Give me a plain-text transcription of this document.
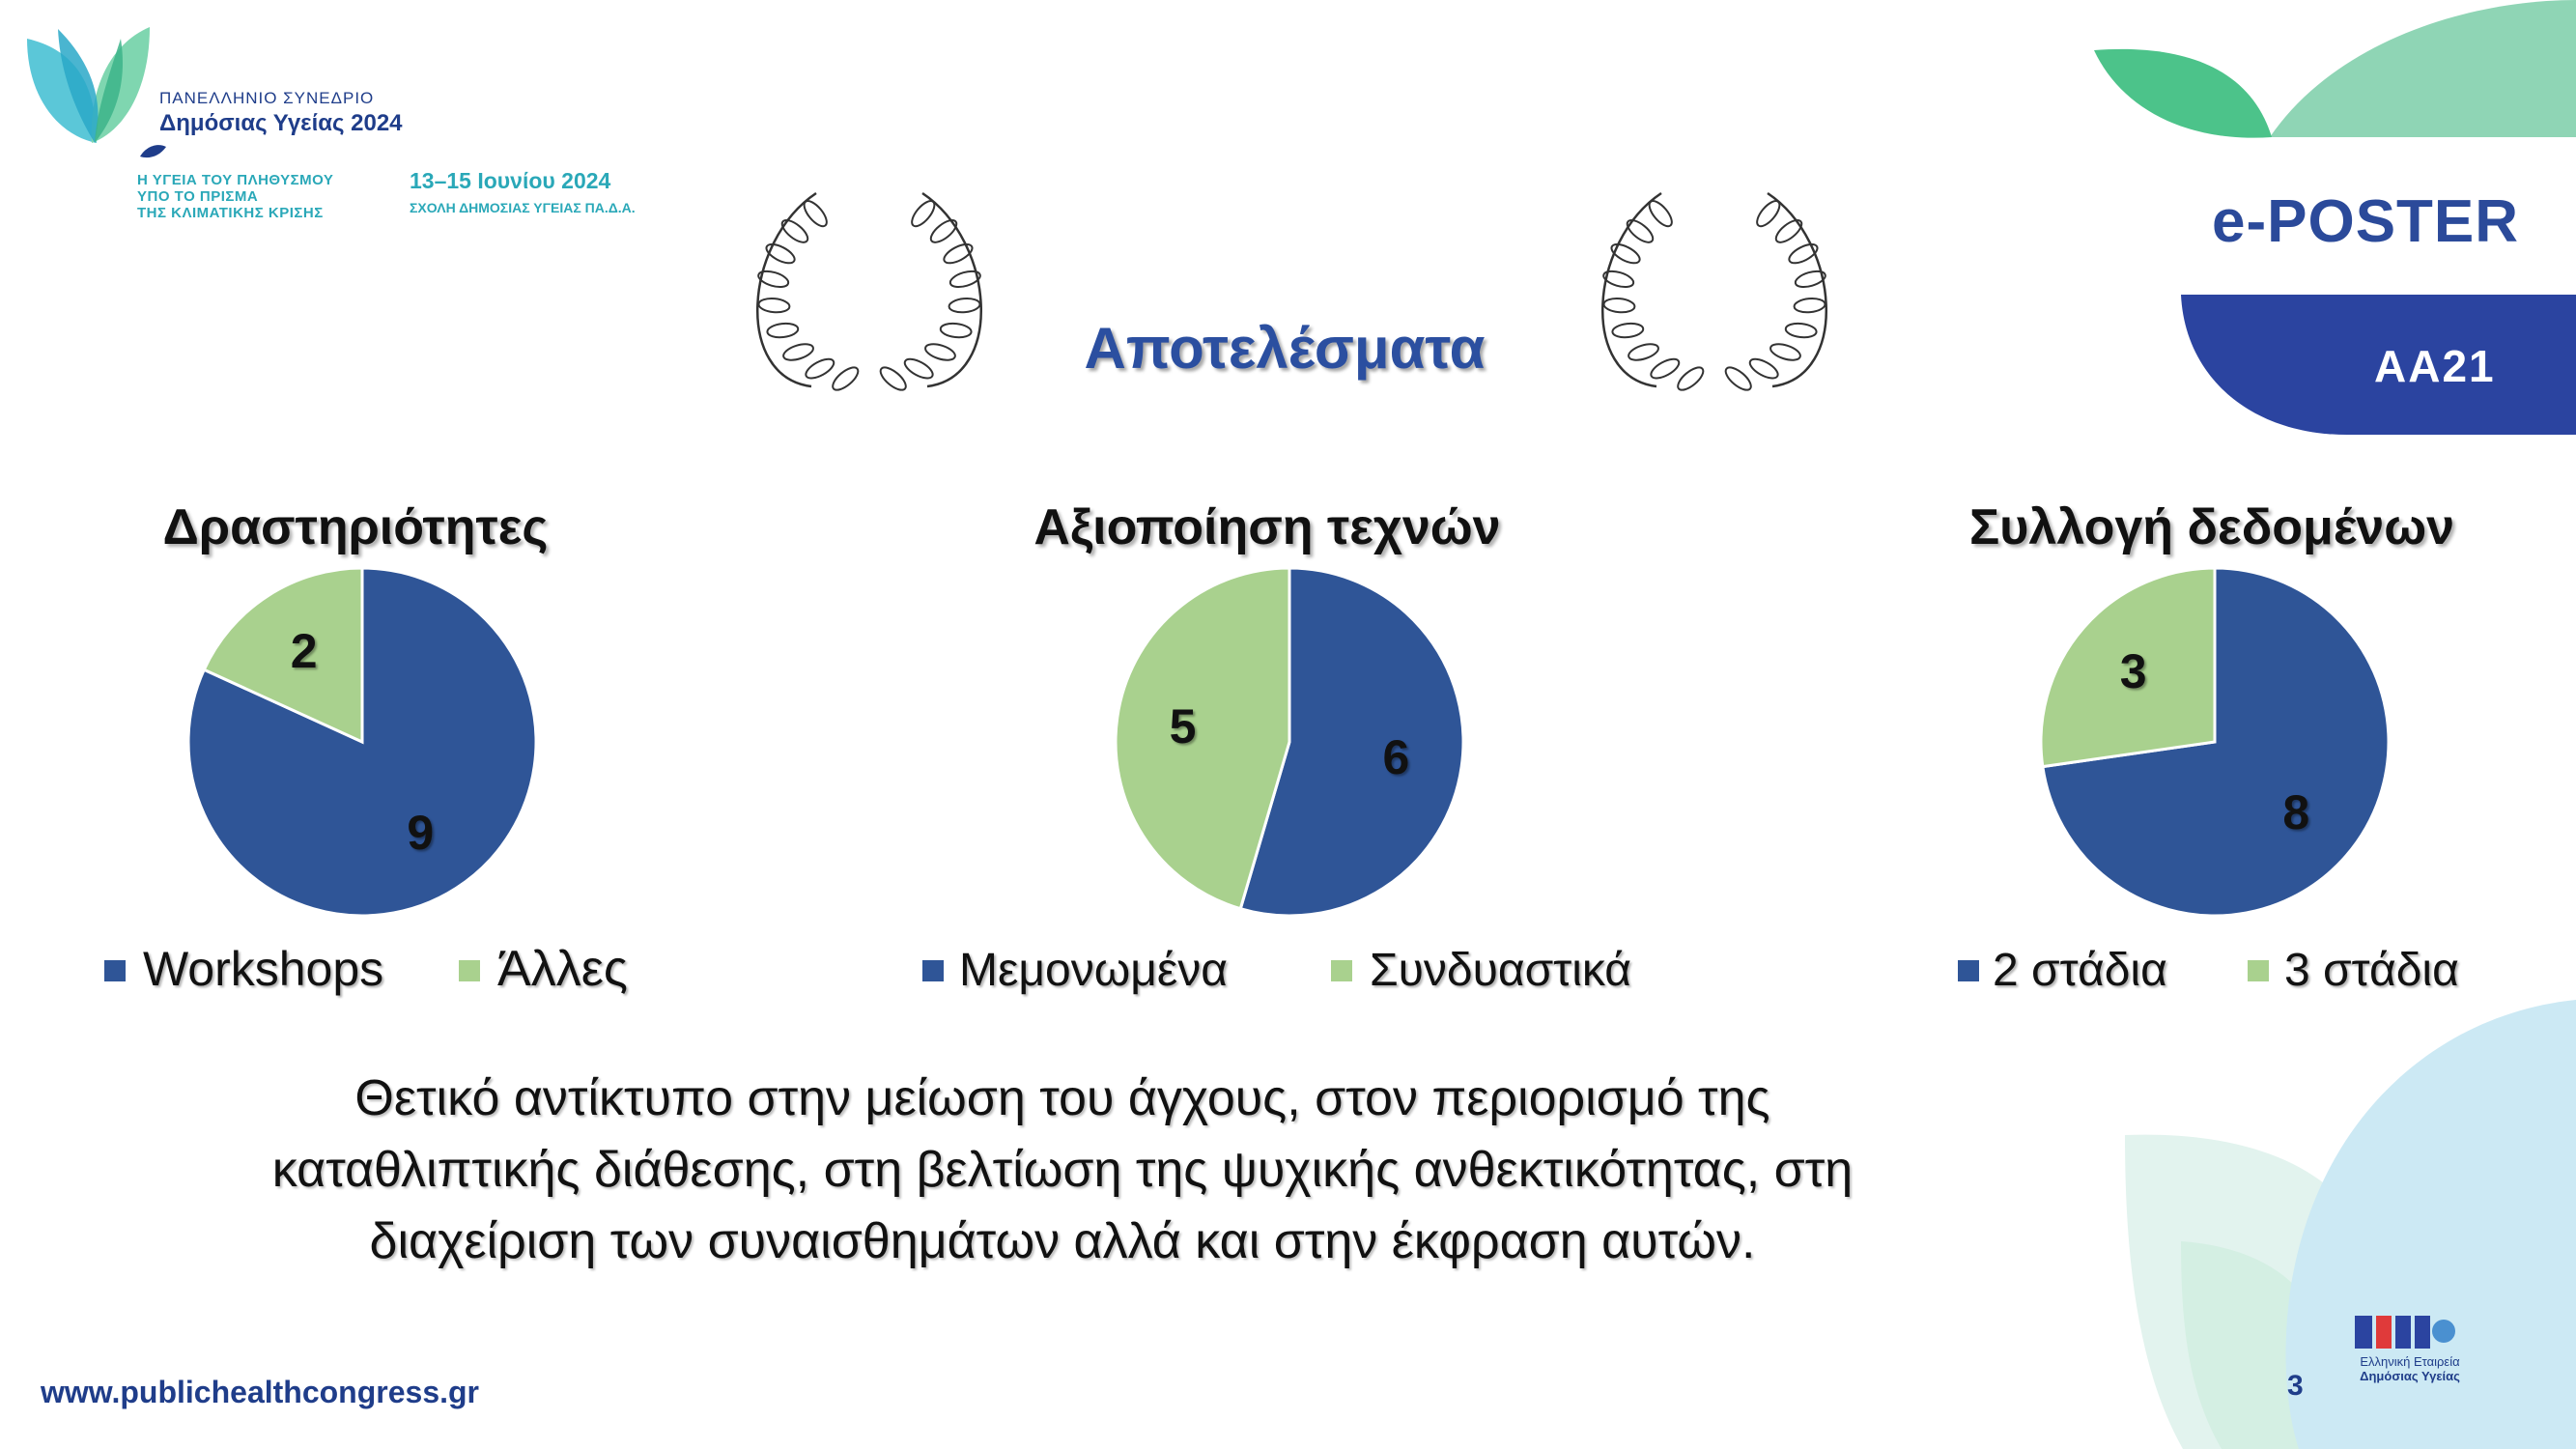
ΠΑΝΕΛΛΗΝΙΟ ΣΥΝΕΔΡΙΟ
Δημόσιας Υγείας 2024
Η ΥΓΕΙΑ ΤΟΥ ΠΛΗΘΥΣΜΟΥ
ΥΠΟ ΤΟ ΠΡΙΣΜΑ
ΤΗΣ ΚΛΙΜΑΤΙΚΗΣ ΚΡΙΣΗΣ
13–15 Ιουνίου 2024
ΣΧΟΛΗ ΔΗΜΟΣΙΑΣ ΥΓΕΙΑΣ ΠΑ.Δ.Α.	e-POSTER
ΑΑ21
Αποτελέσματα
Δραστηριότητες	Αξιοποίηση τεχνών	Συλλογή δεδομένων
9
2
Workshops Άλλες
6
5
Μεμονωμένα	Συνδυαστικά
8
3
2 στάδια	3 στάδια
Θετικό αντίκτυπο στην μείωση του άγχους, στον περιορισμό της
καταθλιπτικής διάθεσης, στη βελτίωση της ψυχικής ανθεκτικότητας, στη
διαχείριση των συναισθημάτων αλλά και στην έκφραση αυτών.
www.publichealthcongress.gr	3
Ελληνική Εταιρεία
Δημόσιας Υγείας
